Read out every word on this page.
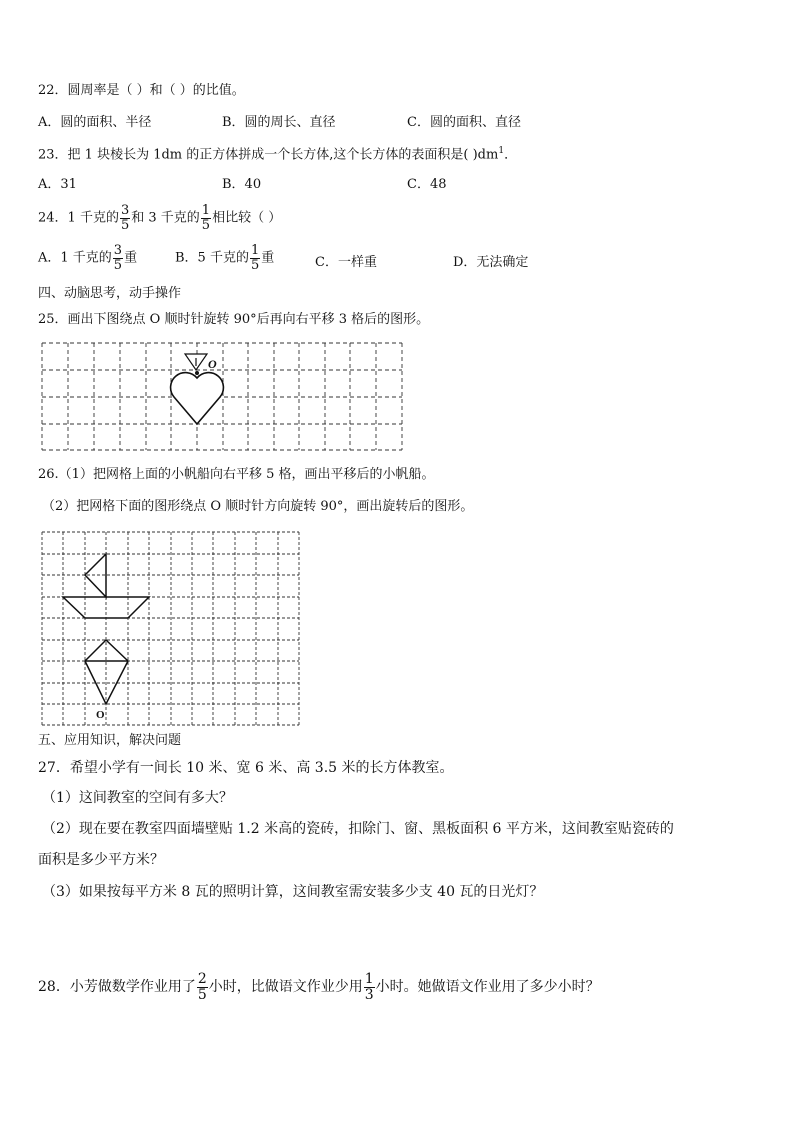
22．圆周率是（ ）和（ ）的比值。
A．圆的面积、半径	B．圆的周长、直径	C．圆的面积、直径
23．把 1 块棱长为 1dm 的正方体拼成一个长方体,这个长方体的表面积是( )$dm^1$．
A．31	B．40	C．48
24．1 千克的 $\frac{3}{5}$ 和 3 千克的 $\frac{1}{5}$ 相比较（ ）
A．1 千克的 $\frac{3}{5}$ 重	B．5 千克的 $\frac{1}{5}$ 重	C．一样重	D．无法确定
四、动脑思考，动手操作
25．画出下图绕点 O 顺时针旋转 90°后再向右平移 3 格后的图形。
O
26.（1）把网格上面的小帆船向右平移 5 格，画出平移后的小帆船。
（2）把网格下面的图形绕点 O 顺时针方向旋转 90°，画出旋转后的图形。
O
五、应用知识，解决问题
27．希望小学有一间长 10 米、宽 6 米、高 3.5 米的长方体教室。
（1）这间教室的空间有多大？
（2）现在要在教室四面墙壁贴 1.2 米高的瓷砖，扣除门、窗、黑板面积 6 平方米，这间教室贴瓷砖的
面积是多少平方米？
（3）如果按每平方米 8 瓦的照明计算，这间教室需安装多少支 40 瓦的日光灯？
28．小芳做数学作业用了 $\frac{2}{5}$ 小时，比做语文作业少用 $\frac{1}{3}$ 小时。她做语文作业用了多少小时？
